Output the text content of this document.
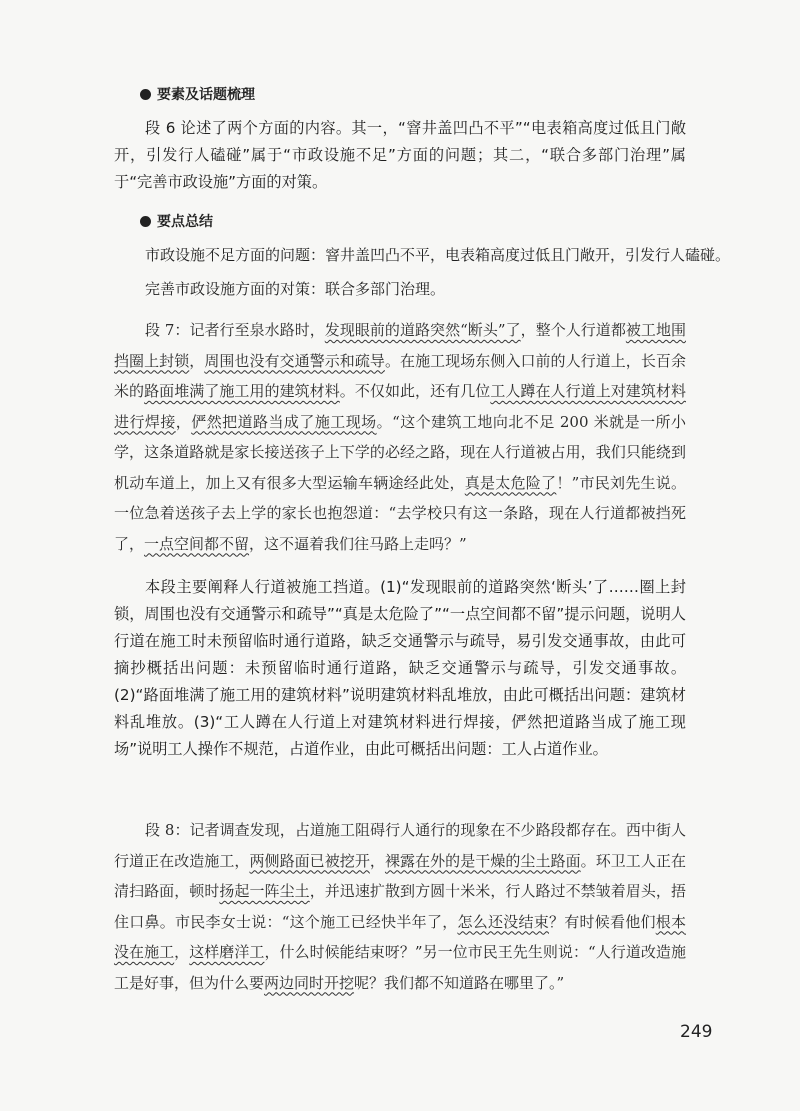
要素及话题梳理

段 6 论述了两个方面的内容。其一，“窨井盖凹凸不平”“电表箱高度过低且门敞开，引发行人磕碰”属于“市政设施不足”方面的问题；其二，“联合多部门治理”属于“完善市政设施”方面的对策。

要点总结

市政设施不足方面的问题：窨井盖凹凸不平，电表箱高度过低且门敞开，引发行人磕碰。

完善市政设施方面的对策：联合多部门治理。

段 7：记者行至泉水路时，发现眼前的道路突然“断头”了，整个人行道都被工地围挡圈上封锁，周围也没有交通警示和疏导。在施工现场东侧入口前的人行道上，长百余米的路面堆满了施工用的建筑材料。不仅如此，还有几位工人蹲在人行道上对建筑材料进行焊接，俨然把道路当成了施工现场。“这个建筑工地向北不足 200 米就是一所小学，这条道路就是家长接送孩子上下学的必经之路，现在人行道被占用，我们只能绕到机动车道上，加上又有很多大型运输车辆途经此处，真是太危险了！”市民刘先生说。一位急着送孩子去上学的家长也抱怨道：“去学校只有这一条路，现在人行道都被挡死了，一点空间都不留，这不逼着我们往马路上走吗？”

本段主要阐释人行道被施工挡道。(1)“发现眼前的道路突然‘断头’了……圈上封锁，周围也没有交通警示和疏导”“真是太危险了”“一点空间都不留”提示问题，说明人行道在施工时未预留临时通行道路，缺乏交通警示与疏导，易引发交通事故，由此可摘抄概括出问题：未预留临时通行道路，缺乏交通警示与疏导，引发交通事故。(2)“路面堆满了施工用的建筑材料”说明建筑材料乱堆放，由此可概括出问题：建筑材料乱堆放。(3)“工人蹲在人行道上对建筑材料进行焊接，俨然把道路当成了施工现场”说明工人操作不规范，占道作业，由此可概括出问题：工人占道作业。

段 8：记者调查发现，占道施工阻碍行人通行的现象在不少路段都存在。西中街人行道正在改造施工，两侧路面已被挖开，裸露在外的是干燥的尘土路面。环卫工人正在清扫路面，顿时扬起一阵尘土，并迅速扩散到方圆十米米，行人路过不禁皱着眉头，捂住口鼻。市民李女士说：“这个施工已经快半年了，怎么还没结束？有时候看他们根本没在施工，这样磨洋工，什么时候能结束呀？”另一位市民王先生则说：“人行道改造施工是好事，但为什么要两边同时开挖呢？我们都不知道路在哪里了。”

249
